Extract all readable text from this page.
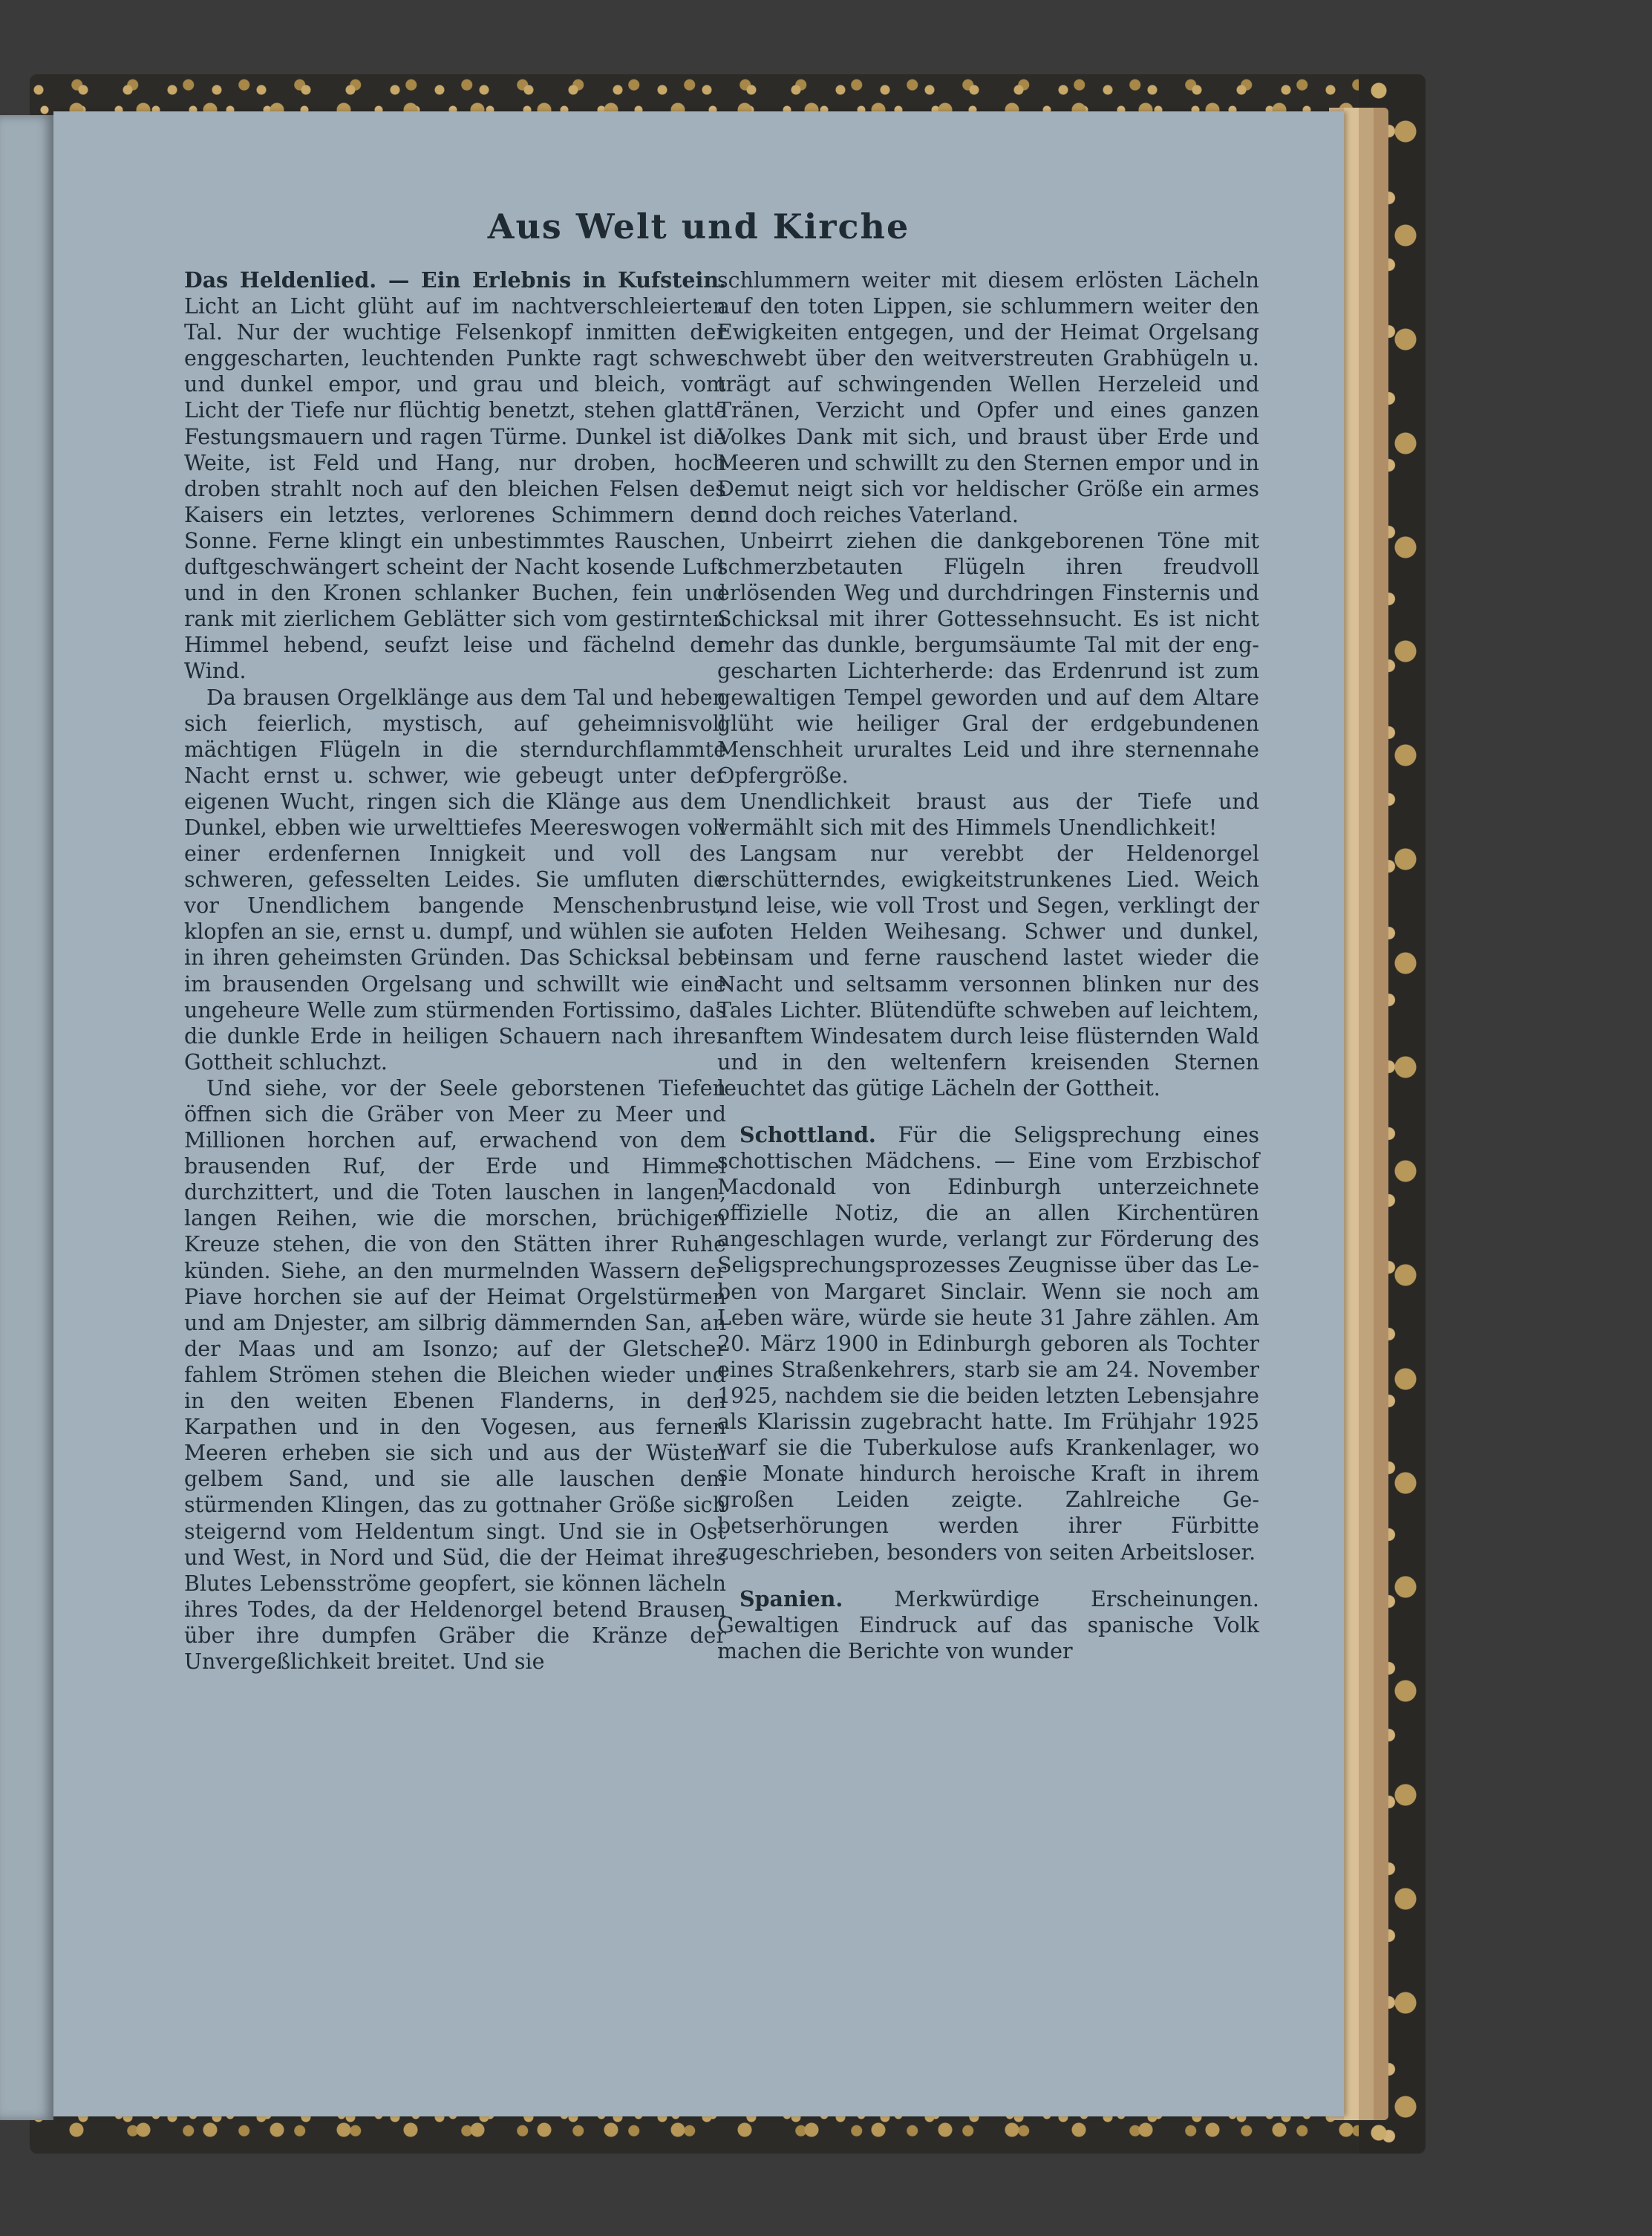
Aus Welt und Kirche

Das Heldenlied. — Ein Erlebnis in Kufstein. Licht an Licht glüht auf im nachtverschleierten Tal. Nur der wuchtige Felsenkopf inmitten der enggescharten, leuchtenden Punkte ragt schwer und dunkel empor, und grau und bleich, vom Licht der Tiefe nur flüchtig benetzt, stehen glatte Festungsmauern und ragen Türme. Dunkel ist die Weite, ist Feld und Hang, nur droben, hoch droben strahlt noch auf den bleichen Felsen des Kaisers ein letztes, verlorenes Schimmern der Sonne. Ferne klingt ein unbestimmtes Rauschen, duftgeschwängert scheint der Nacht kosende Luft und in den Kronen schlanker Buchen, fein und rank mit zierlichem Geblätter sich vom gestirnten Himmel hebend, seufzt leise und fächelnd der Wind.

Da brausen Orgelklänge aus dem Tal und heben sich feierlich, mystisch, auf geheimnisvoll mächtigen Flügeln in die sterndurchflammte Nacht ernst u. schwer, wie gebeugt unter der eigenen Wucht, ringen sich die Klänge aus dem Dunkel, ebben wie urwelttiefes Meereswogen voll einer erdenfernen Innigkeit und voll des schweren, gefesselten Leides. Sie umfluten die vor Unendlichem bangende Menschenbrust, klopfen an sie, ernst u. dumpf, und wühlen sie auf in ihren geheimsten Gründen. Das Schicksal bebt im brausenden Orgelsang und schwillt wie eine ungeheure Welle zum stürmenden Fortissimo, das die dunkle Erde in heiligen Schauern nach ihrer Gottheit schluchzt.

Und siehe, vor der Seele geborstenen Tiefen öffnen sich die Gräber von Meer zu Meer und Millionen horchen auf, erwachend von dem brausenden Ruf, der Erde und Himmel durchzittert, und die Toten lauschen in langen, langen Reihen, wie die morschen, brüchigen Kreuze stehen, die von den Stätten ihrer Ruhe künden. Siehe, an den murmelnden Wassern der Piave horchen sie auf der Heimat Orgelstürmen und am Dnjester, am silbrig dämmernden San, an der Maas und am Isonzo; auf der Gletscher fahlem Strömen stehen die Bleichen wieder und in den weiten Ebenen Flanderns, in den Karpathen und in den Vogesen, aus fernen Meeren erheben sie sich und aus der Wüsten gelbem Sand, und sie alle lauschen dem stürmenden Klingen, das zu gottnaher Größe sich steigernd vom Heldentum singt. Und sie in Ost und West, in Nord und Süd, die der Heimat ihres Blutes Lebensströme geopfert, sie können lächeln ihres Todes, da der Heldenorgel betend Brausen über ihre dumpfen Gräber die Kränze der Unvergeßlichkeit breitet. Und sie

schlummern weiter mit diesem erlösten Lächeln auf den toten Lippen, sie schlummern weiter den Ewigkeiten entgegen, und der Heimat Orgelsang schwebt über den weitverstreuten Grabhügeln u. trägt auf schwingenden Wellen Herzeleid und Tränen, Verzicht und Opfer und eines ganzen Volkes Dank mit sich, und braust über Erde und Meeren und schwillt zu den Sternen empor und in Demut neigt sich vor heldischer Größe ein armes und doch reiches Vaterland.

Unbeirrt ziehen die dankgeborenen Töne mit schmerzbetauten Flügeln ihren freudvoll erlösenden Weg und durchdringen Finsternis und Schicksal mit ihrer Gottessehnsucht. Es ist nicht mehr das dunkle, bergumsäumte Tal mit der enggescharten Lichterherde: das Erdenrund ist zum gewaltigen Tempel geworden und auf dem Altare glüht wie heiliger Gral der erdgebundenen Menschheit ururaltes Leid und ihre sternennahe Opfergröße.

Unendlichkeit braust aus der Tiefe und vermählt sich mit des Himmels Unendlichkeit!

Langsam nur verebbt der Heldenorgel erschütterndes, ewigkeitstrunkenes Lied. Weich und leise, wie voll Trost und Segen, verklingt der toten Helden Weihesang. Schwer und dunkel, einsam und ferne rauschend lastet wieder die Nacht und seltsamm versonnen blinken nur des Tales Lichter. Blütendüfte schweben auf leichtem, sanftem Windesatem durch leise flüsternden Wald und in den weltenfern kreisenden Sternen leuchtet das gütige Lächeln der Gottheit.

Schottland. Für die Seligsprechung eines schottischen Mädchens. — Eine vom Erzbischof Macdonald von Edinburgh unterzeichnete offizielle Notiz, die an allen Kirchentüren angeschlagen wurde, verlangt zur Förderung des Seligsprechungsprozesses Zeugnisse über das Leben von Margaret Sinclair. Wenn sie noch am Leben wäre, würde sie heute 31 Jahre zählen. Am 20. März 1900 in Edinburgh geboren als Tochter eines Straßenkehrers, starb sie am 24. November 1925, nachdem sie die beiden letzten Lebensjahre als Klarissin zugebracht hatte. Im Frühjahr 1925 warf sie die Tuberkulose aufs Krankenlager, wo sie Monate hindurch heroische Kraft in ihrem großen Leiden zeigte. Zahlreiche Gebetserhörungen werden ihrer Fürbitte zugeschrieben, besonders von seiten Arbeitsloser.

Spanien. Merkwürdige Erscheinungen. Gewaltigen Eindruck auf das spanische Volk machen die Berichte von wunder
